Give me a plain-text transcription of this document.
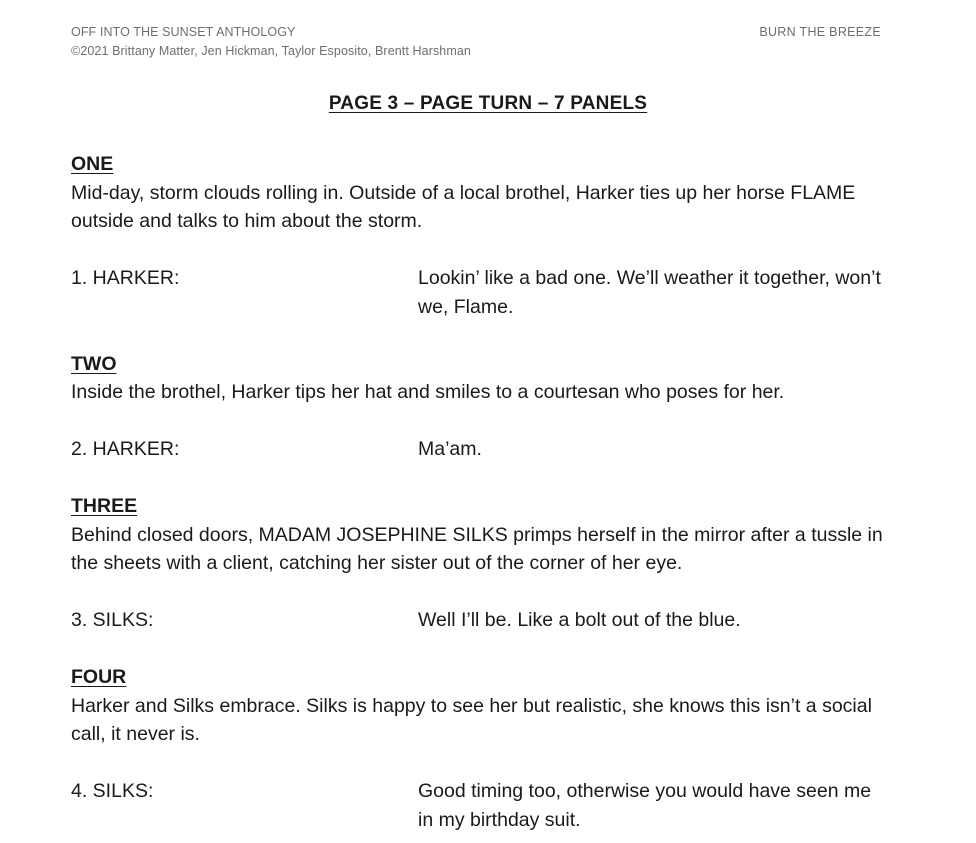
OFF INTO THE SUNSET ANTHOLOGY
©2021 Brittany Matter, Jen Hickman, Taylor Esposito, Brentt Harshman
BURN THE BREEZE
PAGE 3 – PAGE TURN – 7 PANELS
ONE

Mid-day, storm clouds rolling in. Outside of a local brothel, Harker ties up her horse FLAME outside and talks to him about the storm.

1. HARKER:	Lookin’ like a bad one. We’ll weather it together, won’t we, Flame.
TWO

Inside the brothel, Harker tips her hat and smiles to a courtesan who poses for her.

2. HARKER:	Ma’am.
THREE

Behind closed doors, MADAM JOSEPHINE SILKS primps herself in the mirror after a tussle in the sheets with a client, catching her sister out of the corner of her eye.

3. SILKS:	Well I’ll be. Like a bolt out of the blue.
FOUR

Harker and Silks embrace. Silks is happy to see her but realistic, she knows this isn’t a social call, it never is.

4. SILKS:	Good timing too, otherwise you would have seen me in my birthday suit.
